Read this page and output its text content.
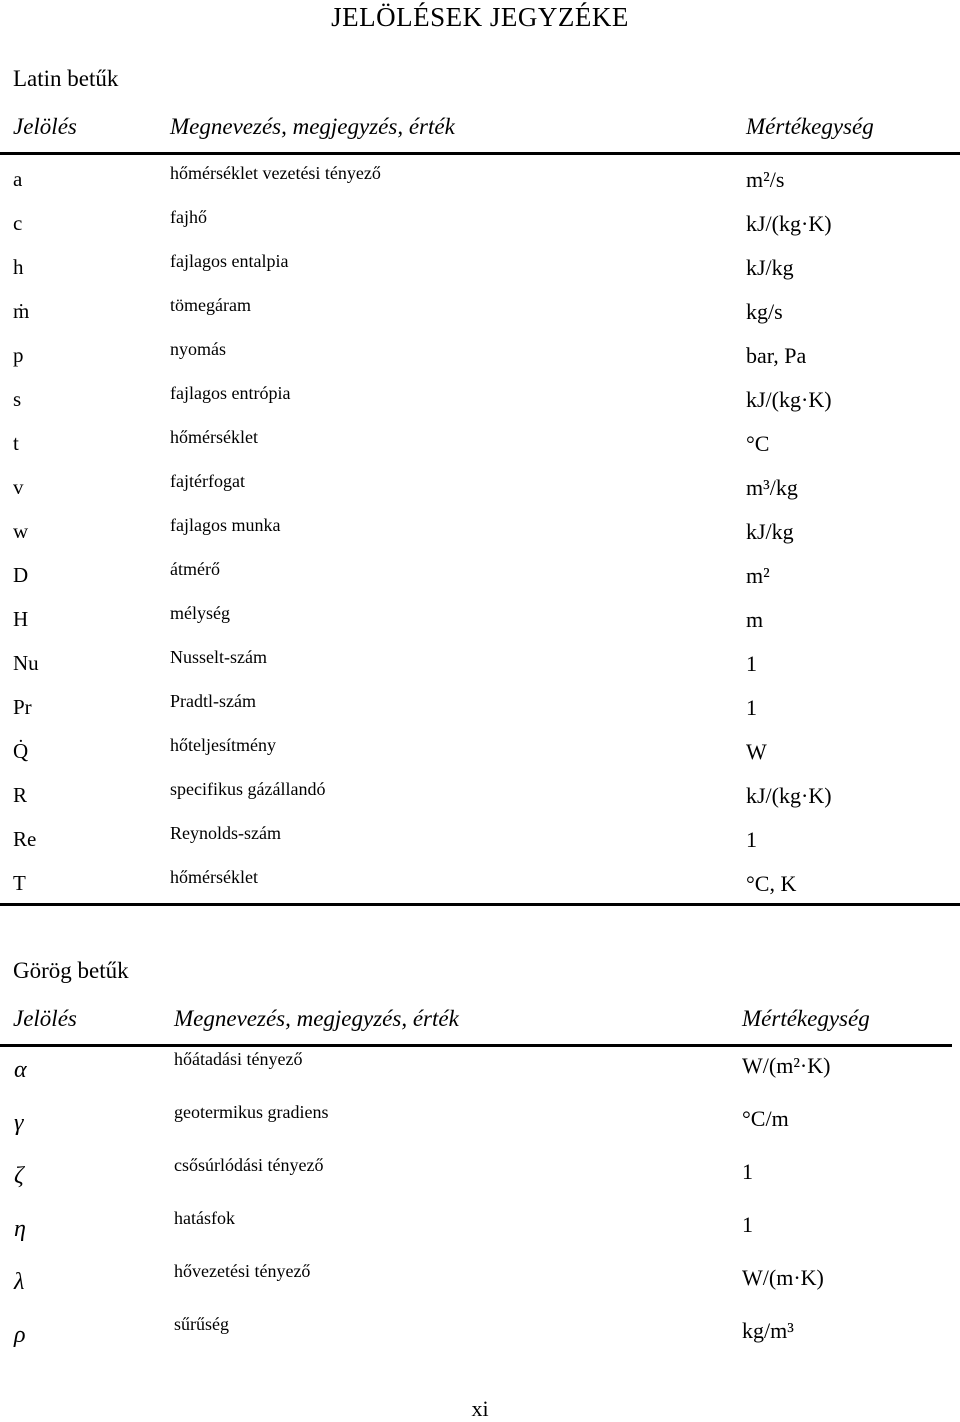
JELÖLÉSEK JEGYZÉKE
Latin betűk
Jelölés	Megnevezés, megjegyzés, érték	Mértékegység
a	hőmérséklet vezetési tényező	m²/s
c	fajhő	kJ/(kg·K)
h	fajlagos entalpia	kJ/kg
ṁ	tömegáram	kg/s
p	nyomás	bar, Pa
s	fajlagos entrópia	kJ/(kg·K)
t	hőmérséklet	°C
v	fajtérfogat	m³/kg
w	fajlagos munka	kJ/kg
D	átmérő	m²
H	mélység	m
Nu	Nusselt-szám	1
Pr	Pradtl-szám	1
Q̇	hőteljesítmény	W
R	specifikus gázállandó	kJ/(kg·K)
Re	Reynolds-szám	1
T	hőmérséklet	°C, K
Görög betűk
Jelölés	Megnevezés, megjegyzés, érték	Mértékegység
α	hőátadási tényező	W/(m²·K)
γ	geotermikus gradiens	°C/m
ζ	csősúrlódási tényező	1
η	hatásfok	1
λ	hővezetési tényező	W/(m·K)
ρ	sűrűség	kg/m³
xi
